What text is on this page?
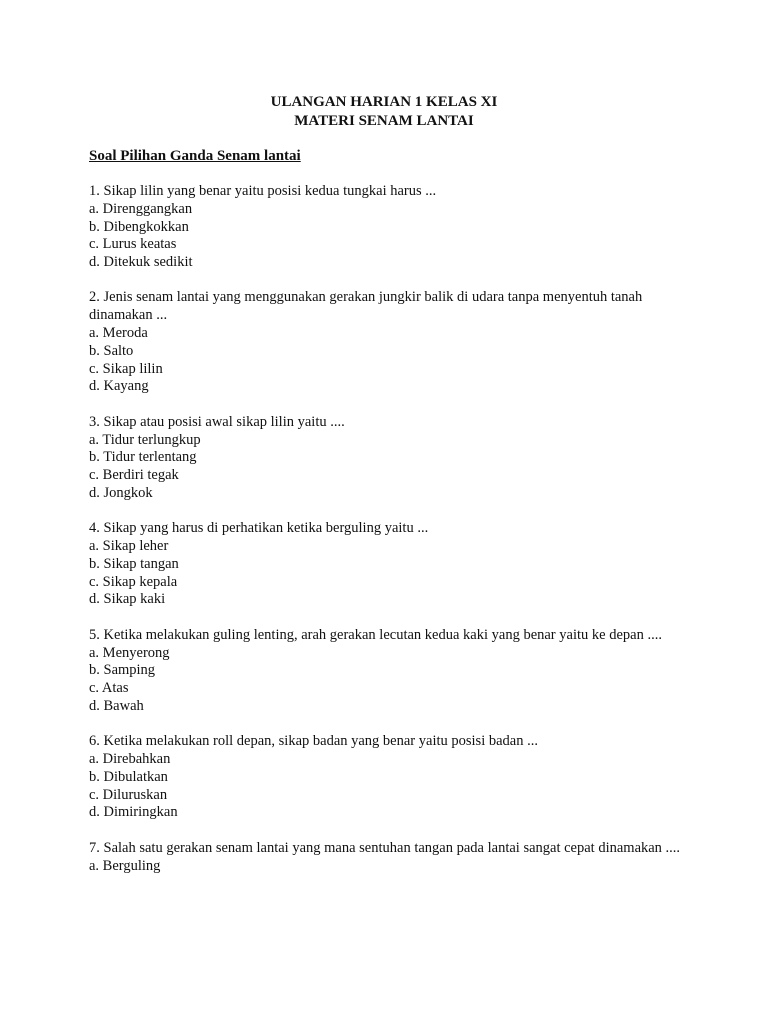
ULANGAN HARIAN 1 KELAS XI
MATERI SENAM LANTAI
Soal Pilihan Ganda Senam lantai
1. Sikap lilin yang benar yaitu posisi kedua tungkai harus ...
a. Direnggangkan
b. Dibengkokkan
c. Lurus keatas
d. Ditekuk sedikit
2. Jenis senam lantai yang menggunakan gerakan jungkir balik di udara tanpa menyentuh tanah dinamakan ...
a. Meroda
b. Salto
c. Sikap lilin
d. Kayang
3. Sikap atau posisi awal sikap lilin yaitu ....
a. Tidur terlungkup
b. Tidur terlentang
c. Berdiri tegak
d. Jongkok
4. Sikap yang harus di perhatikan ketika berguling yaitu ...
a. Sikap leher
b. Sikap tangan
c. Sikap kepala
d. Sikap kaki
5. Ketika melakukan guling lenting, arah gerakan lecutan kedua kaki yang benar yaitu ke depan ....
a. Menyerong
b. Samping
c. Atas
d. Bawah
6. Ketika melakukan roll depan, sikap badan yang benar yaitu posisi badan ...
a. Direbahkan
b. Dibulatkan
c. Diluruskan
d. Dimiringkan
7. Salah satu gerakan senam lantai yang mana sentuhan tangan pada lantai sangat cepat dinamakan ....
a. Berguling
